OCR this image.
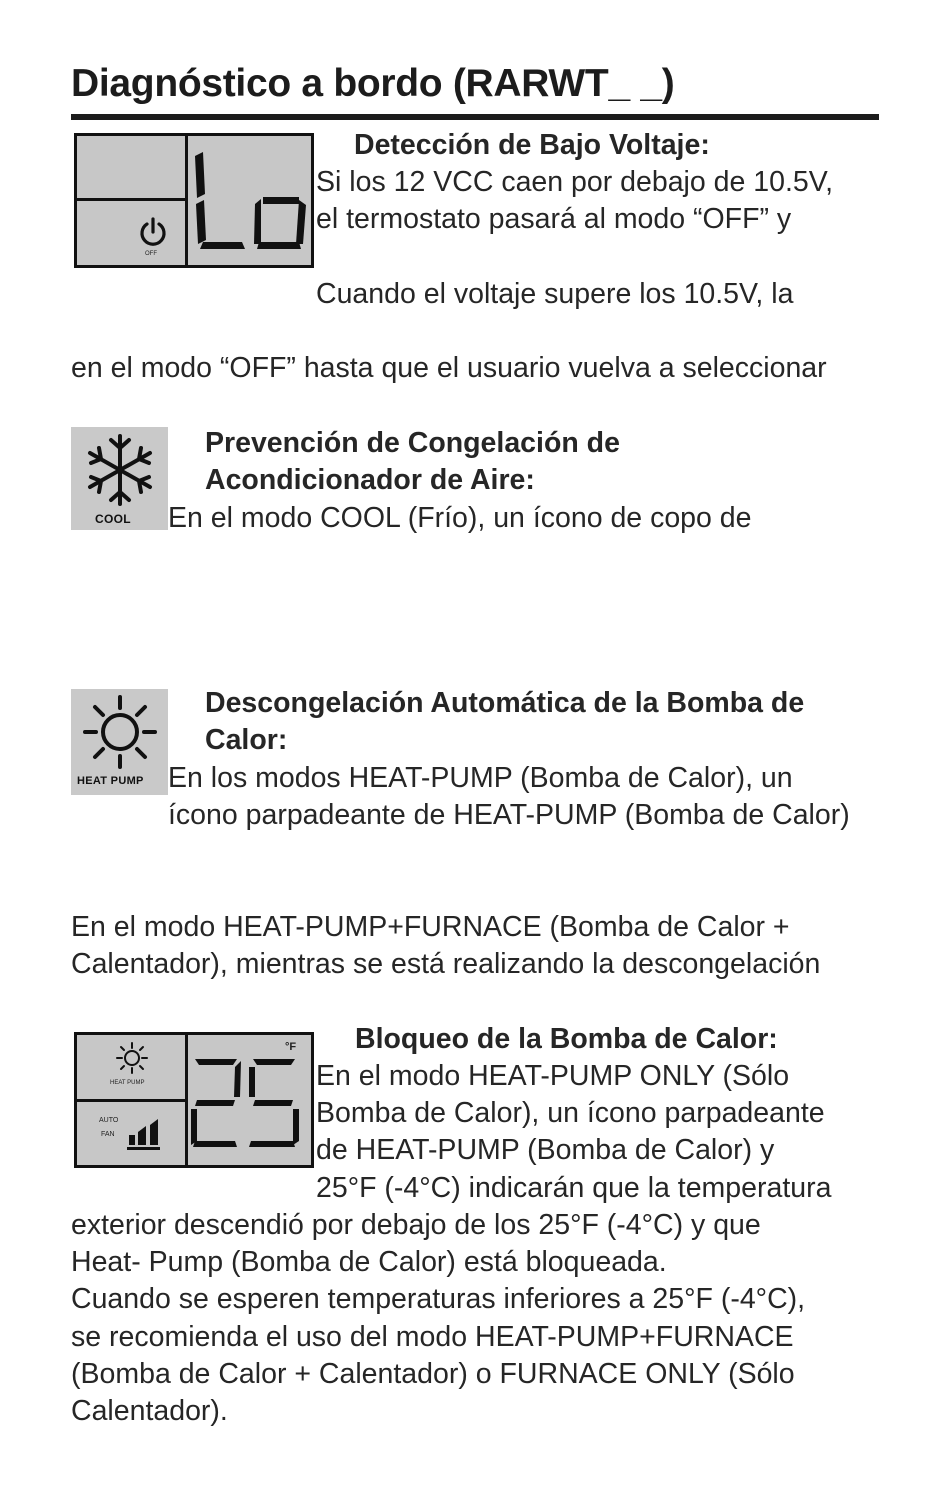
Diagnóstico a bordo (RARWT_ _)
OFF
Detección de Bajo Voltaje:
Si los 12 VCC caen por debajo de 10.5V,
el termostato pasará al modo “OFF” y
Cuando el voltaje supere los 10.5V, la
en el modo “OFF” hasta que el usuario vuelva a seleccionar
COOL
Prevención de Congelación de
Acondicionador de Aire:
En el modo COOL (Frío), un ícono de copo de
HEAT PUMP
Descongelación Automática de la Bomba de
Calor:
En los modos HEAT-PUMP (Bomba de Calor), un
ícono parpadeante de HEAT-PUMP (Bomba de Calor)
En el modo HEAT-PUMP+FURNACE (Bomba de Calor +
Calentador), mientras se está realizando la descongelación
HEAT PUMP
AUTO
FAN
°F Bloqueo de la Bomba de Calor:
En el modo HEAT-PUMP ONLY (Sólo
Bomba de Calor), un ícono parpadeante
de HEAT-PUMP (Bomba de Calor) y
25°F (-4°C) indicarán que la temperatura
exterior descendió por debajo de los 25°F (-4°C) y que
Heat- Pump (Bomba de Calor) está bloqueada.
Cuando se esperen temperaturas inferiores a 25°F (-4°C),
se recomienda el uso del modo HEAT-PUMP+FURNACE
(Bomba de Calor + Calentador) o FURNACE ONLY (Sólo
Calentador).
